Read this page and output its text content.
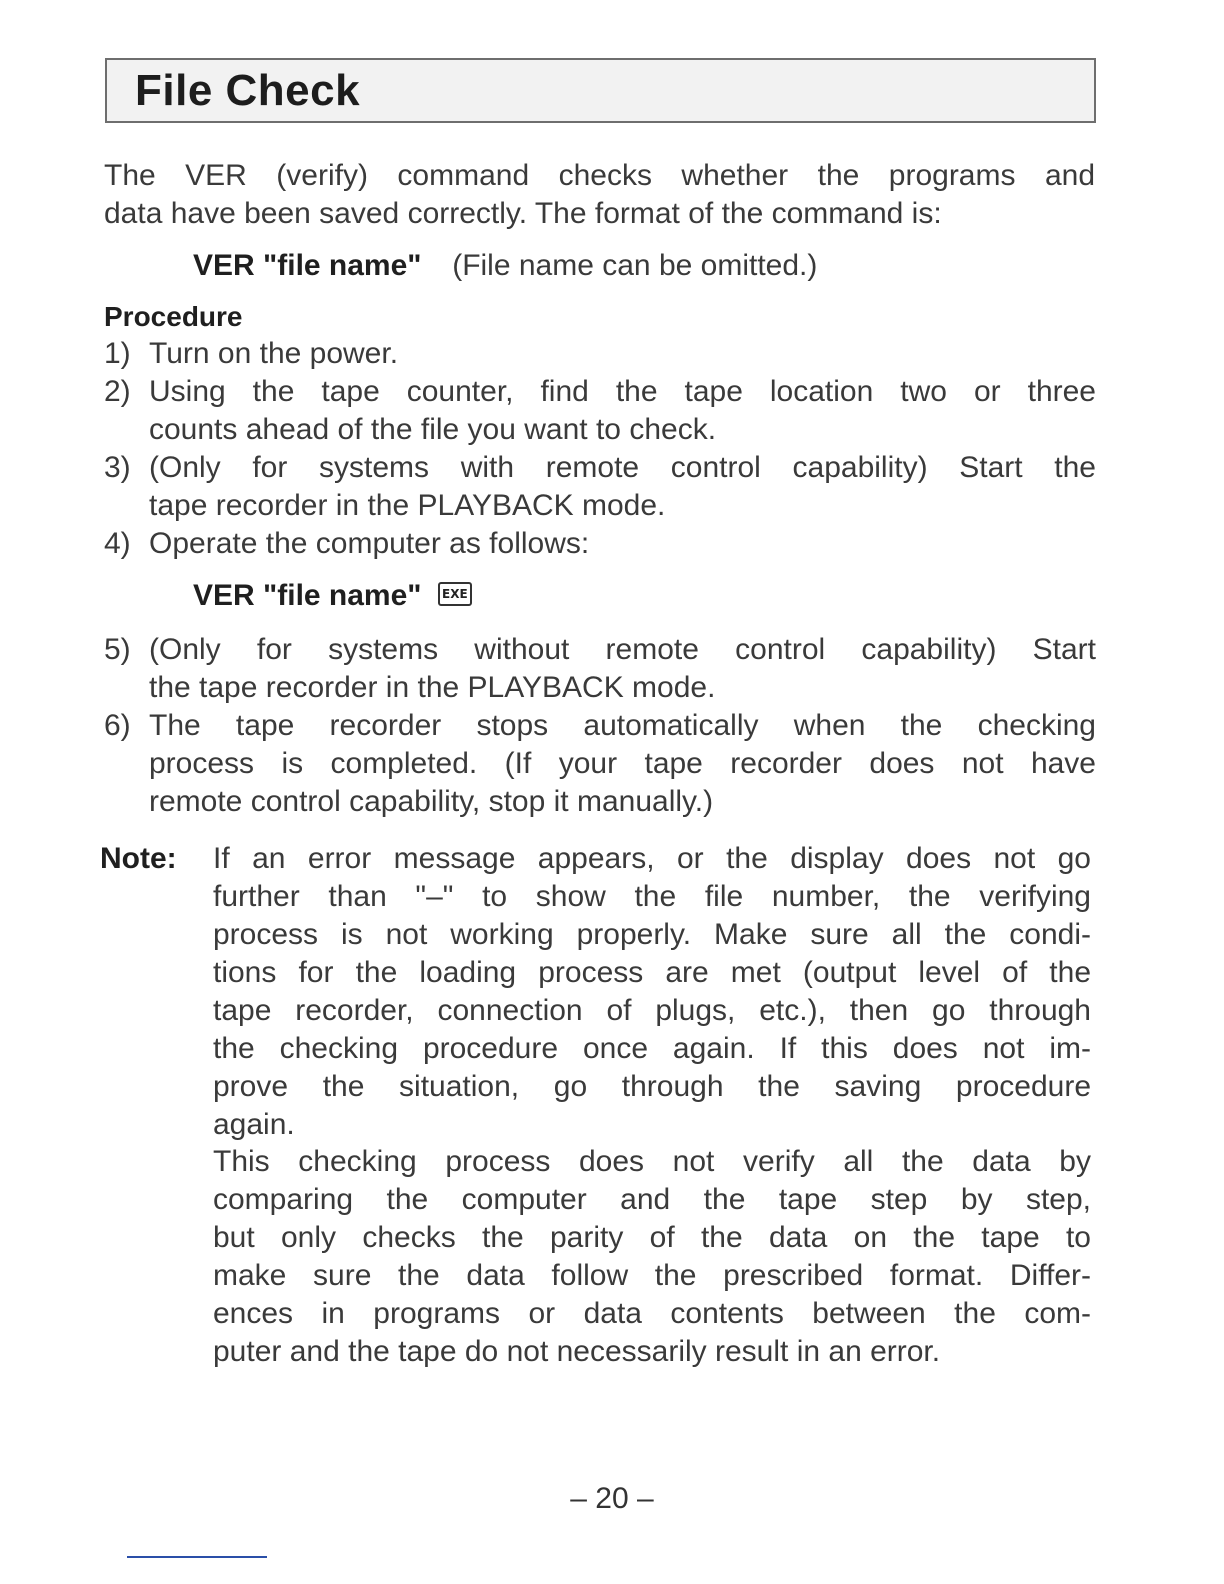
File Check
The VER (verify) command checks whether the programs and
data have been saved correctly. The format of the command is:
VER "file name" (File name can be omitted.)
Procedure
1) Turn on the power.
2) Using the tape counter, find the tape location two or three
counts ahead of the file you want to check.
3) (Only for systems with remote control capability) Start the
tape recorder in the PLAYBACK mode.
4) Operate the computer as follows:
VER "file name" EXE
5) (Only for systems without remote control capability) Start
the tape recorder in the PLAYBACK mode.
6) The tape recorder stops automatically when the checking
process is completed. (If your tape recorder does not have
remote control capability, stop it manually.)
Note: If an error message appears, or the display does not go
further than "–" to show the file number, the verifying
process is not working properly. Make sure all the condi-
tions for the loading process are met (output level of the
tape recorder, connection of plugs, etc.), then go through
the checking procedure once again. If this does not im-
prove the situation, go through the saving procedure
again.
This checking process does not verify all the data by
comparing the computer and the tape step by step,
but only checks the parity of the data on the tape to
make sure the data follow the prescribed format. Differ-
ences in programs or data contents between the com-
puter and the tape do not necessarily result in an error.
– 20 –
